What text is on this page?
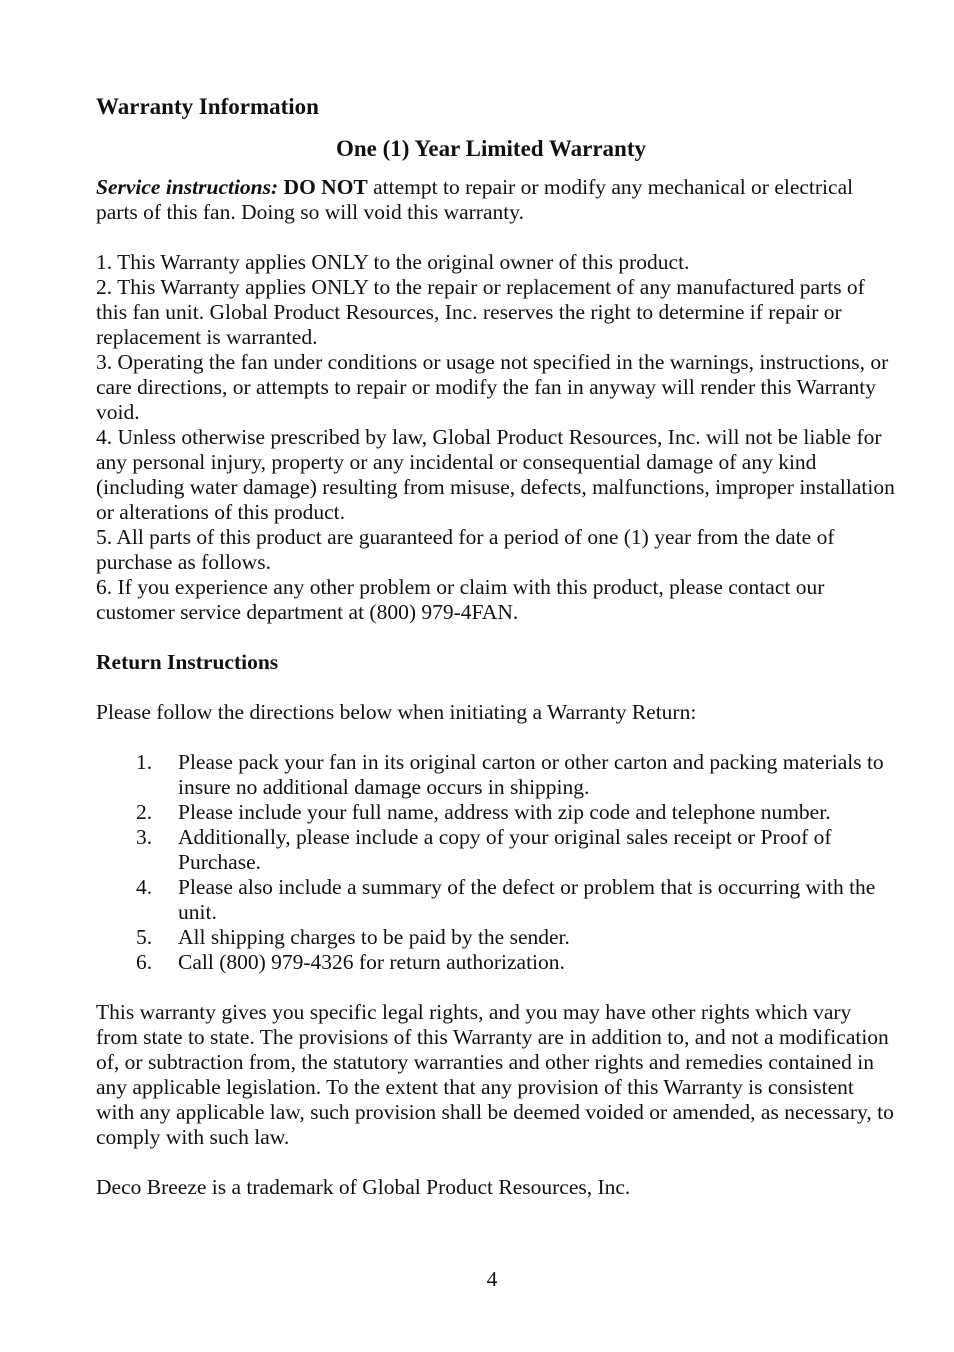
Warranty Information
One (1) Year Limited Warranty

Service instructions: DO NOT attempt to repair or modify any mechanical or electrical parts of this fan. Doing so will void this warranty.

1. This Warranty applies ONLY to the original owner of this product.

2. This Warranty applies ONLY to the repair or replacement of any manufactured parts of this fan unit. Global Product Resources, Inc. reserves the right to determine if repair or replacement is warranted.

3. Operating the fan under conditions or usage not specified in the warnings, instructions, or care directions, or attempts to repair or modify the fan in anyway will render this Warranty void.

4. Unless otherwise prescribed by law, Global Product Resources, Inc. will not be liable for any personal injury, property or any incidental or consequential damage of any kind (including water damage) resulting from misuse, defects, malfunctions, improper installation or alterations of this product.

5. All parts of this product are guaranteed for a period of one (1) year from the date of purchase as follows.

6. If you experience any other problem or claim with this product, please contact our customer service department at (800) 979-4FAN.

Return Instructions

Please follow the directions below when initiating a Warranty Return:

1.	Please pack your fan in its original carton or other carton and packing materials to insure no additional damage occurs in shipping.
2.	Please include your full name, address with zip code and telephone number.
3.	Additionally, please include a copy of your original sales receipt or Proof of Purchase.
4.	Please also include a summary of the defect or problem that is occurring with the unit.
5.	All shipping charges to be paid by the sender.
6.	Call (800) 979-4326 for return authorization.

This warranty gives you specific legal rights, and you may have other rights which vary from state to state. The provisions of this Warranty are in addition to, and not a modification of, or subtraction from, the statutory warranties and other rights and remedies contained in any applicable legislation. To the extent that any provision of this Warranty is consistent with any applicable law, such provision shall be deemed voided or amended, as necessary, to comply with such law.

Deco Breeze is a trademark of Global Product Resources, Inc.

4
